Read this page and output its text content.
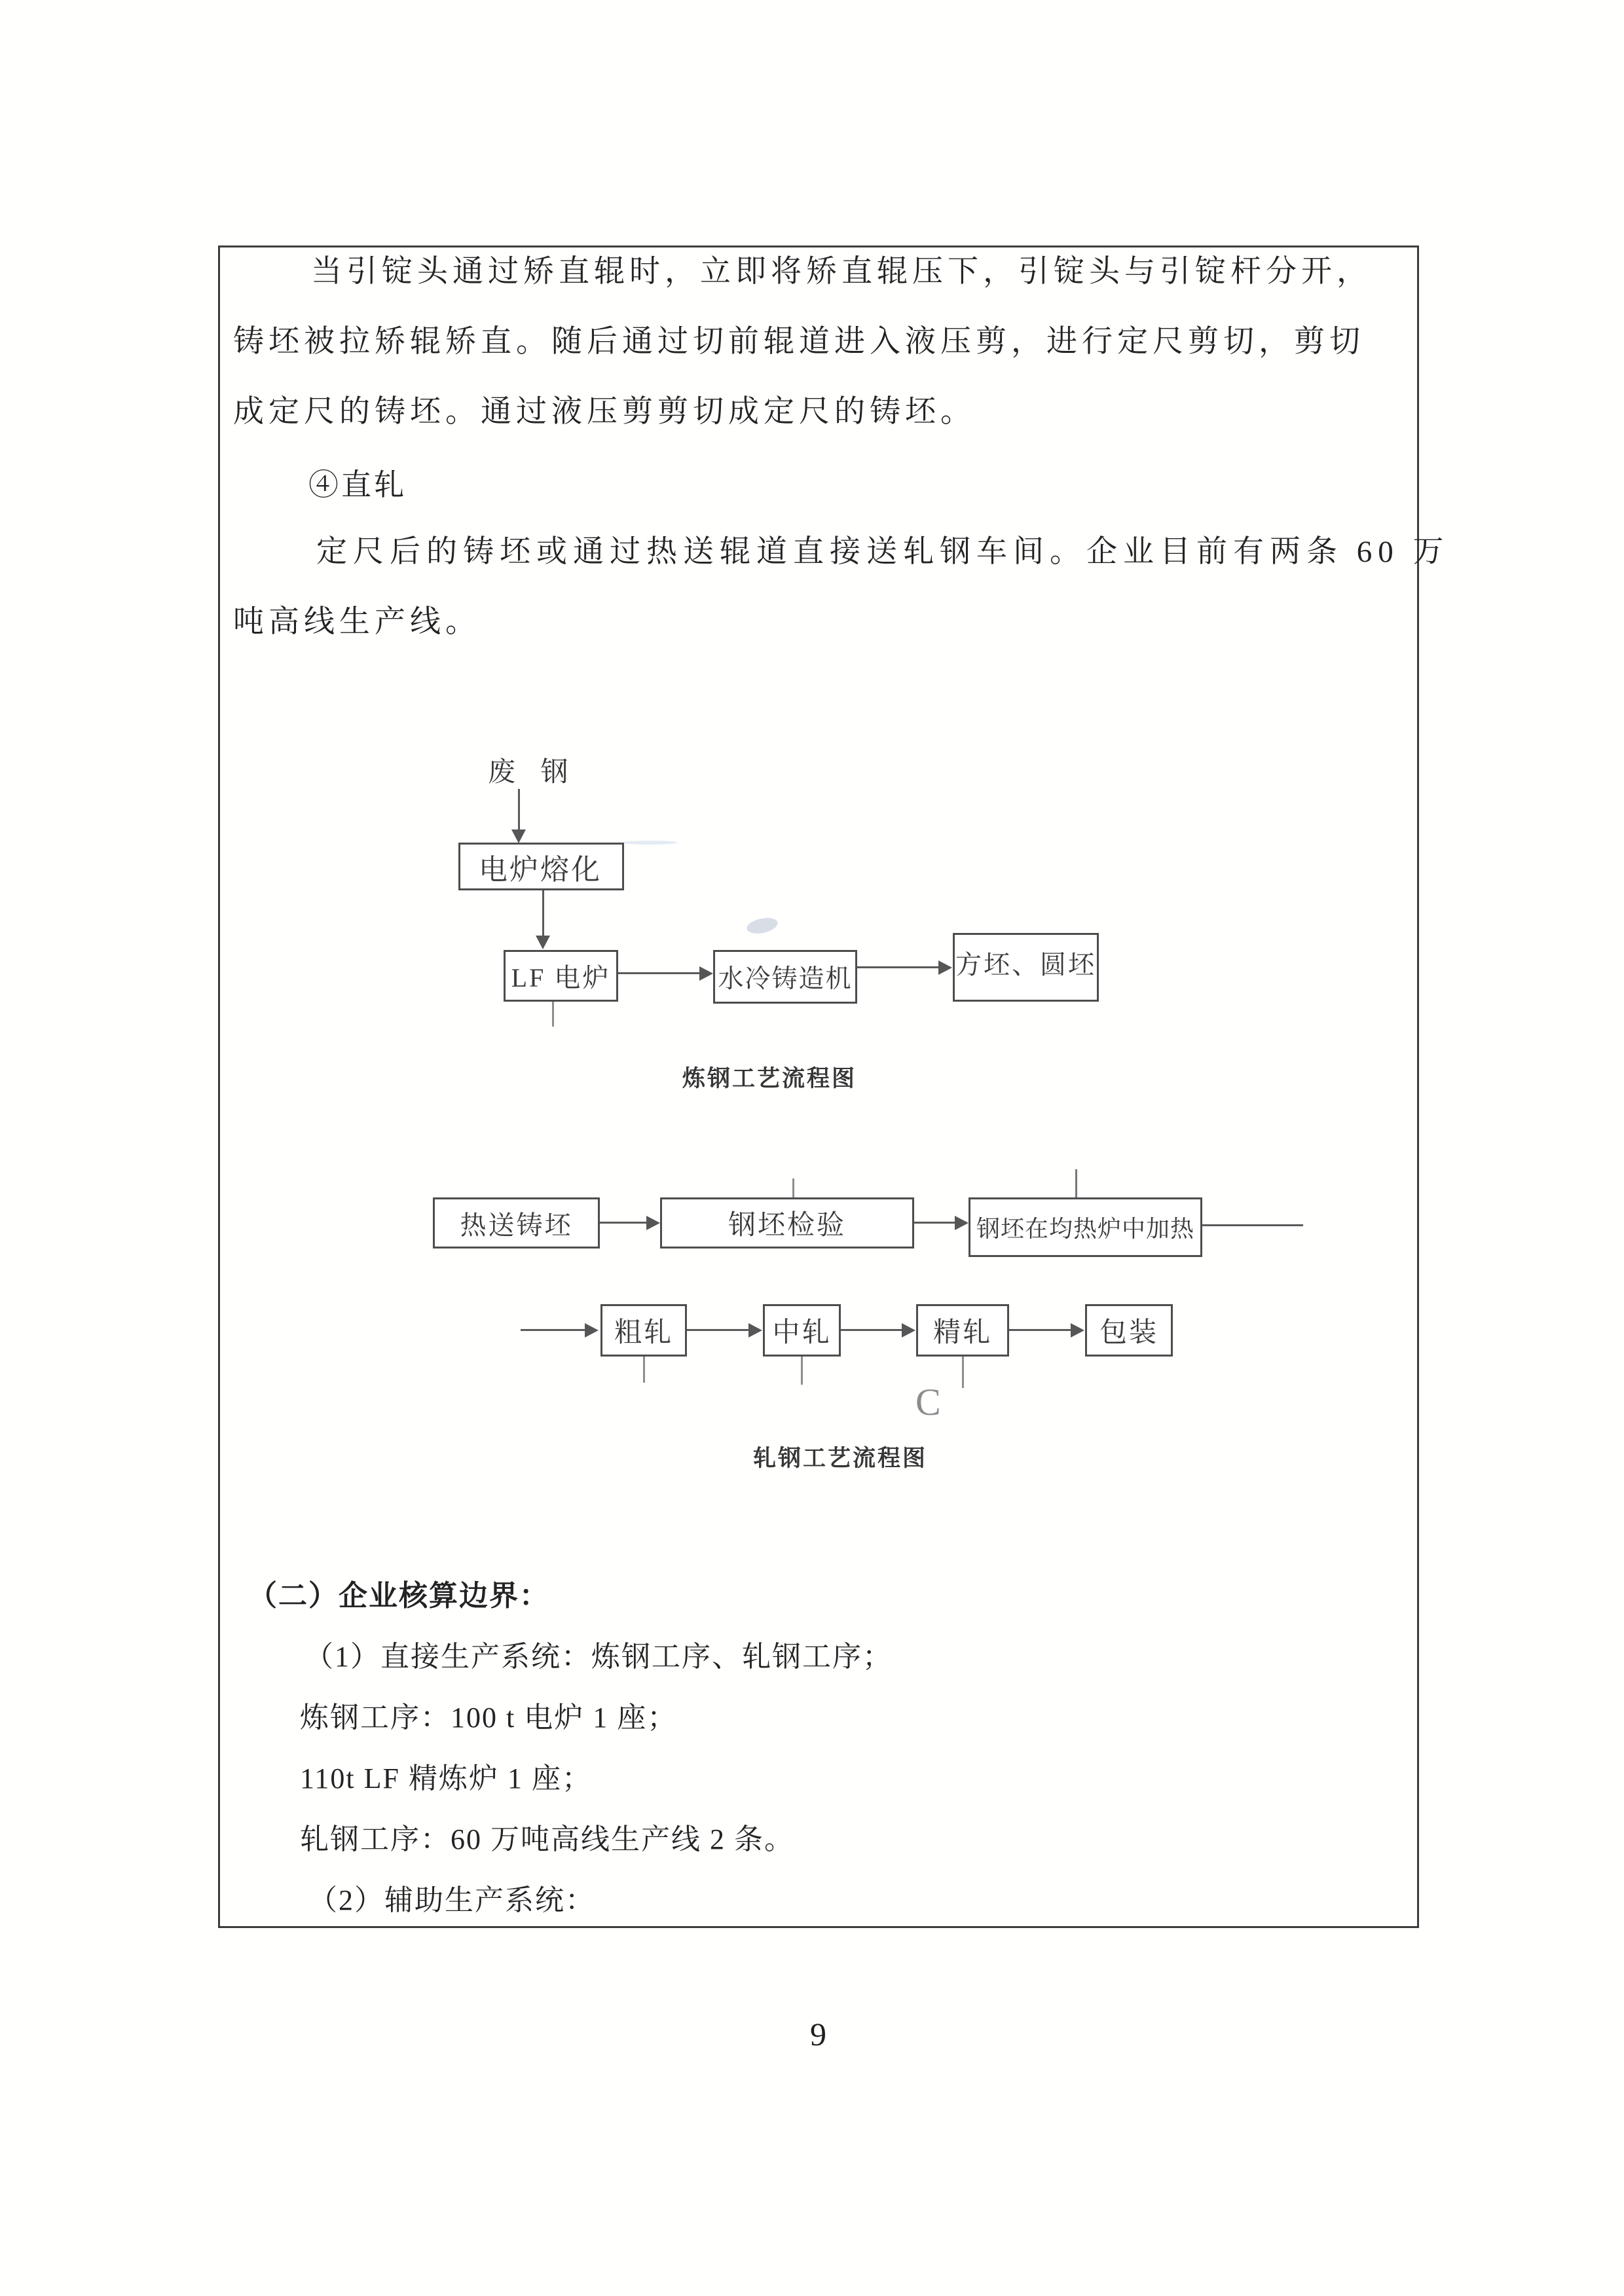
当引锭头通过矫直辊时，立即将矫直辊压下，引锭头与引锭杆分开，
铸坯被拉矫辊矫直。随后通过切前辊道进入液压剪，进行定尺剪切，剪切
成定尺的铸坯。通过液压剪剪切成定尺的铸坯。
④直轧
定尺后的铸坯或通过热送辊道直接送轧钢车间。企业目前有两条 60 万
吨高线生产线。
废 钢
电炉熔化
LF 电炉	水冷铸造机	方坯、圆坯
炼钢工艺流程图
热送铸坯	钢坯检验	钢坯在均热炉中加热
粗轧	中轧	精轧	包装
C
轧钢工艺流程图
（二）企业核算边界：
（1）直接生产系统：炼钢工序、轧钢工序；
炼钢工序：100 t 电炉 1 座；
110t LF 精炼炉 1 座；
轧钢工序：60 万吨高线生产线 2 条。
（2）辅助生产系统：
9
